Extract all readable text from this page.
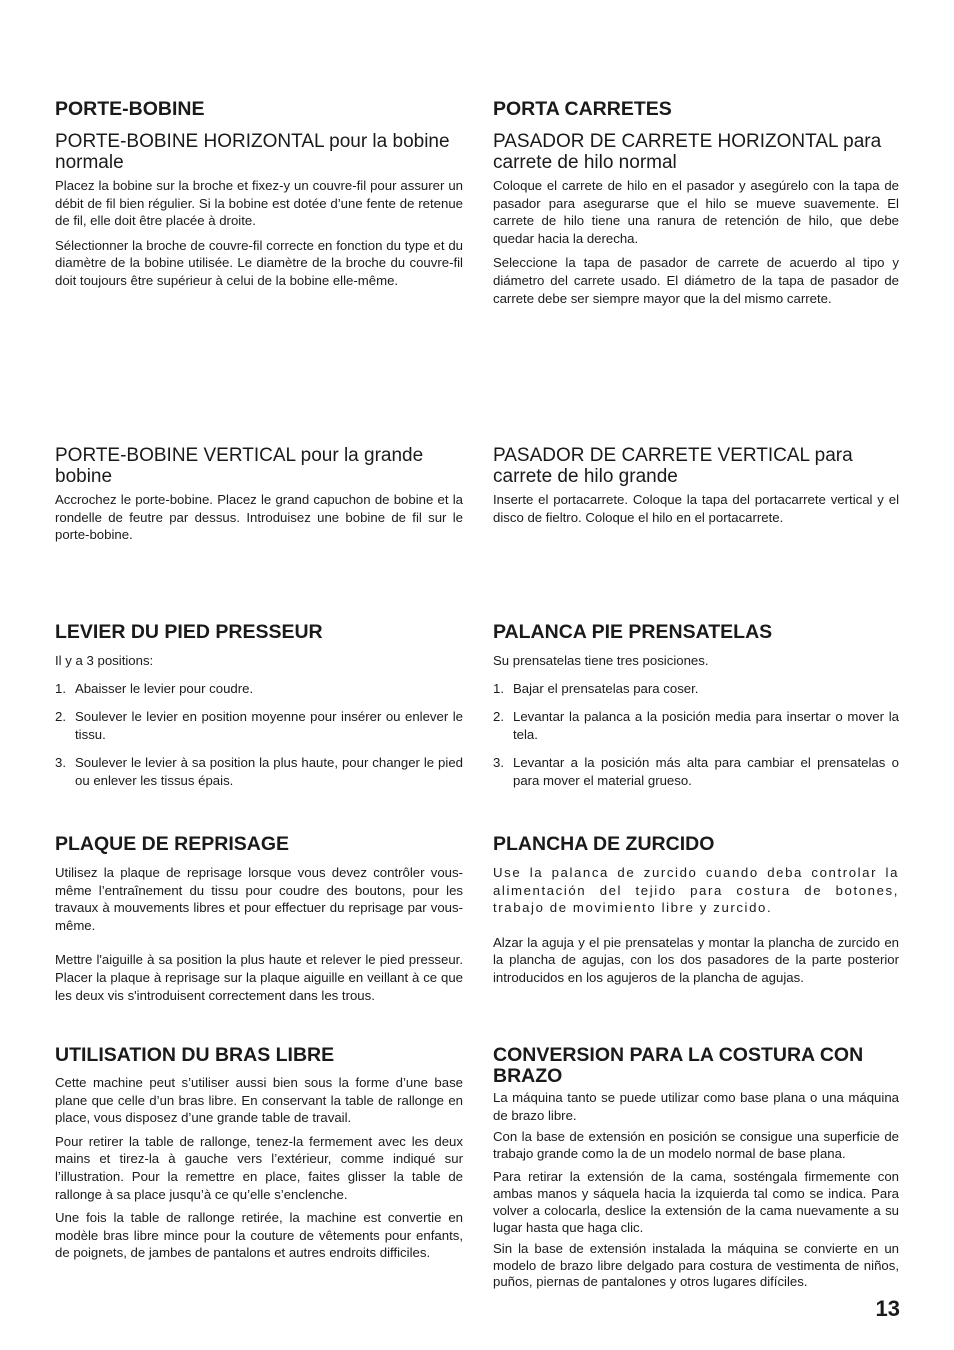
PORTE-BOBINE
PORTE-BOBINE HORIZONTAL pour la bobine normale

Placez la bobine sur la broche et fixez-y un couvre-fil pour assurer un débit de fil bien régulier. Si la bobine est dotée d’une fente de retenue de fil, elle doit être placée à droite.

Sélectionner la broche de couvre-fil correcte en fonction du type et du diamètre de la bobine utilisée. Le diamètre de la broche du couvre-fil doit toujours être supérieur à celui de la bobine elle-même.

PORTE-BOBINE VERTICAL pour la grande bobine

Accrochez le porte-bobine. Placez le grand capuchon de bobine et la rondelle de feutre par dessus. Introduisez une bobine de fil sur le porte-bobine.

LEVIER DU PIED PRESSEUR

Il y a 3 positions:

1. Abaisser le levier pour coudre.
2. Soulever le levier en position moyenne pour insérer ou enlever le tissu.
3. Soulever le levier à sa position la plus haute, pour changer le pied ou enlever les tissus épais.
PLAQUE DE REPRISAGE

Utilisez la plaque de reprisage lorsque vous devez contrôler vous-même l’entraînement du tissu pour coudre des boutons, pour les travaux à mouvements libres et pour effectuer du reprisage par vous-même.

Mettre l'aiguille à sa position la plus haute et relever le pied presseur. Placer la plaque à reprisage sur la plaque aiguille en veillant à ce que les deux vis s'introduisent correctement dans les trous.

UTILISATION DU BRAS LIBRE

Cette machine peut s’utiliser aussi bien sous la forme d’une base plane que celle d’un bras libre. En conservant la table de rallonge en place, vous disposez d’une grande table de travail.

Pour retirer la table de rallonge, tenez-la fermement avec les deux mains et tirez-la à gauche vers l’extérieur, comme indiqué sur l’illustration. Pour la remettre en place, faites glisser la table de rallonge à sa place jusqu’à ce qu’elle s’enclenche.

Une fois la table de rallonge retirée, la machine est convertie en modèle bras libre mince pour la couture de vêtements pour enfants, de poignets, de jambes de pantalons et autres endroits difficiles.

PORTA CARRETES
PASADOR DE CARRETE HORIZONTAL para carrete de hilo normal

Coloque el carrete de hilo en el pasador y asegúrelo con la tapa de pasador para asegurarse que el hilo se mueve suavemente. El carrete de hilo tiene una ranura de retención de hilo, que debe quedar hacia la derecha.

Seleccione la tapa de pasador de carrete de acuerdo al tipo y diámetro del carrete usado. El diámetro de la tapa de pasador de carrete debe ser siempre mayor que la del mismo carrete.

PASADOR DE CARRETE VERTICAL para carrete de hilo grande

Inserte el portacarrete. Coloque la tapa del portacarrete vertical y el disco de fieltro. Coloque el hilo en el portacarrete.

PALANCA PIE PRENSATELAS

Su prensatelas tiene tres posiciones.

1. Bajar el prensatelas para coser.
2. Levantar la palanca a la posición media para insertar o mover la tela.
3. Levantar a la posición más alta para cambiar el prensatelas o para mover el material grueso.
PLANCHA DE ZURCIDO

Use la palanca de zurcido cuando deba controlar la alimentación del tejido para costura de botones, trabajo de movimiento libre y zurcido.

Alzar la aguja y el pie prensatelas y montar la plancha de zurcido en la plancha de agujas, con los dos pasadores de la parte posterior introducidos en los agujeros de la plancha de agujas.

CONVERSION PARA LA COSTURA CON BRAZO

La máquina tanto se puede utilizar como base plana o una máquina de brazo libre.

Con la base de extensión en posición se consigue una superficie de trabajo grande como la de un modelo normal de base plana.

Para retirar la extensión de la cama, sosténgala firmemente con ambas manos y sáquela hacia la izquierda tal como se indica. Para volver a colocarla, deslice la extensión de la cama nuevamente a su lugar hasta que haga clic.

Sin la base de extensión instalada la máquina se convierte en un modelo de brazo libre delgado para costura de vestimenta de niños, puños, piernas de pantalones y otros lugares difíciles.

13
